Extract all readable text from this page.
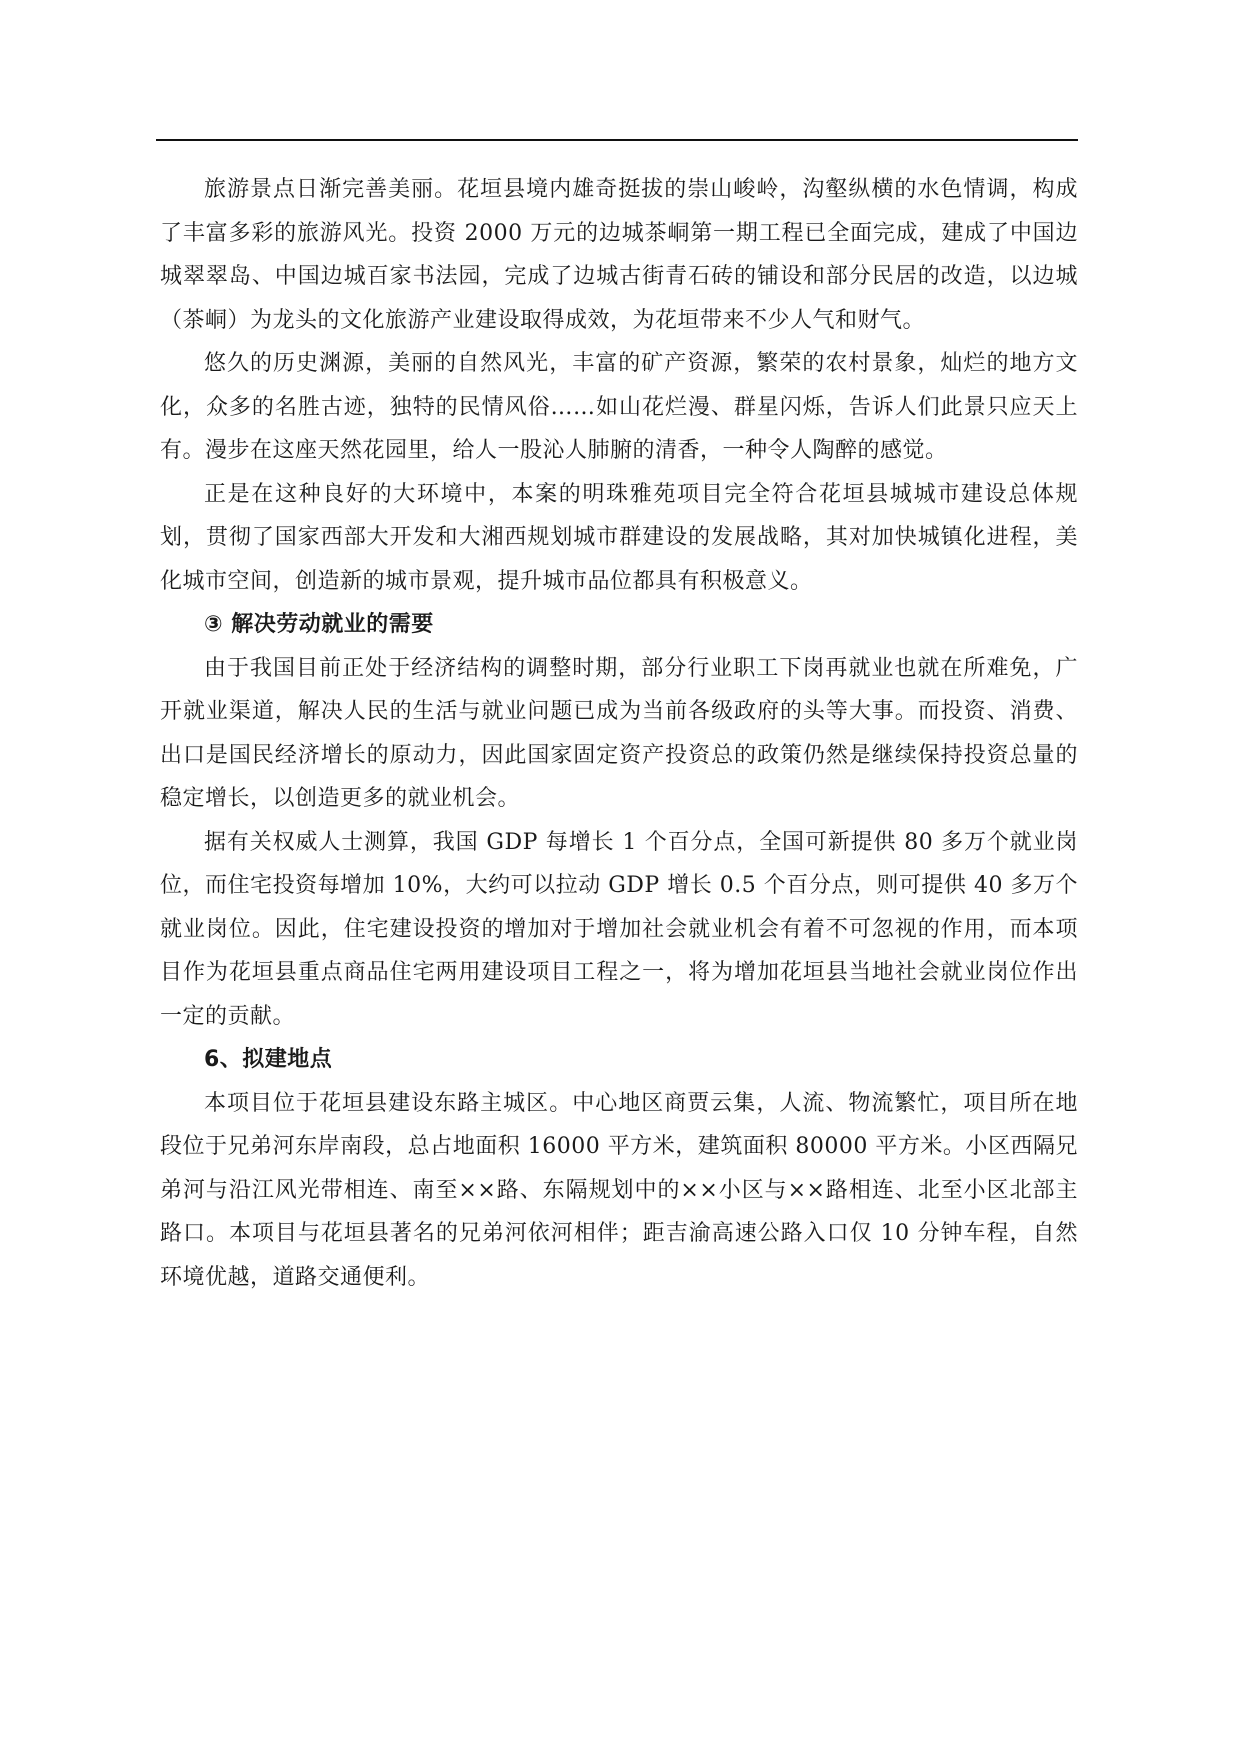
旅游景点日渐完善美丽。花垣县境内雄奇挺拔的崇山峻岭，沟壑纵横的水色情调，构成了丰富多彩的旅游风光。投资 2000 万元的边城茶峒第一期工程已全面完成，建成了中国边城翠翠岛、中国边城百家书法园，完成了边城古街青石砖的铺设和部分民居的改造，以边城（茶峒）为龙头的文化旅游产业建设取得成效，为花垣带来不少人气和财气。

悠久的历史渊源，美丽的自然风光，丰富的矿产资源，繁荣的农村景象，灿烂的地方文化，众多的名胜古迹，独特的民情风俗……如山花烂漫、群星闪烁，告诉人们此景只应天上有。漫步在这座天然花园里，给人一股沁人肺腑的清香，一种令人陶醉的感觉。

正是在这种良好的大环境中，本案的明珠雅苑项目完全符合花垣县城城市建设总体规划，贯彻了国家西部大开发和大湘西规划城市群建设的发展战略，其对加快城镇化进程，美化城市空间，创造新的城市景观，提升城市品位都具有积极意义。

③ 解决劳动就业的需要

由于我国目前正处于经济结构的调整时期，部分行业职工下岗再就业也就在所难免，广开就业渠道，解决人民的生活与就业问题已成为当前各级政府的头等大事。而投资、消费、出口是国民经济增长的原动力，因此国家固定资产投资总的政策仍然是继续保持投资总量的稳定增长，以创造更多的就业机会。

据有关权威人士测算，我国 GDP 每增长 1 个百分点，全国可新提供 80 多万个就业岗位，而住宅投资每增加 10%，大约可以拉动 GDP 增长 0.5 个百分点，则可提供 40 多万个就业岗位。因此，住宅建设投资的增加对于增加社会就业机会有着不可忽视的作用，而本项目作为花垣县重点商品住宅两用建设项目工程之一，将为增加花垣县当地社会就业岗位作出一定的贡献。

6、拟建地点

本项目位于花垣县建设东路主城区。中心地区商贾云集，人流、物流繁忙，项目所在地段位于兄弟河东岸南段，总占地面积 16000 平方米，建筑面积 80000 平方米。小区西隔兄弟河与沿江风光带相连、南至××路、东隔规划中的××小区与××路相连、北至小区北部主路口。本项目与花垣县著名的兄弟河依河相伴；距吉渝高速公路入口仅 10 分钟车程，自然环境优越，道路交通便利。
